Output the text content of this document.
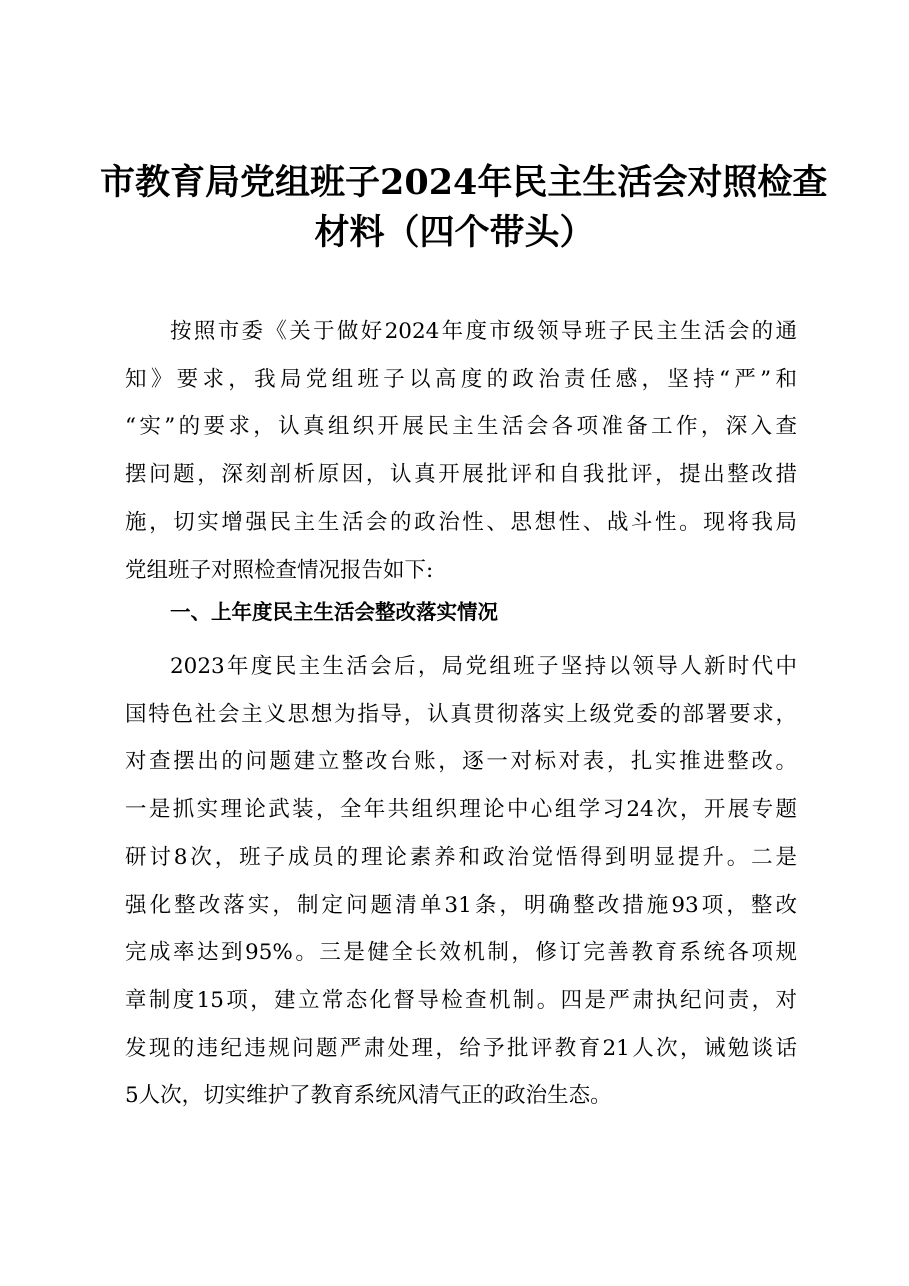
市教育局党组班子2024年民主生活会对照检查
材料（四个带头）
按照市委《关于做好2024年度市级领导班子民主生活会的通
知》要求，我局党组班子以高度的政治责任感，坚持“严”和
“实”的要求，认真组织开展民主生活会各项准备工作，深入查
摆问题，深刻剖析原因，认真开展批评和自我批评，提出整改措
施，切实增强民主生活会的政治性、思想性、战斗性。现将我局
党组班子对照检查情况报告如下:
一、上年度民主生活会整改落实情况
2023年度民主生活会后，局党组班子坚持以领导人新时代中
国特色社会主义思想为指导，认真贯彻落实上级党委的部署要求，
对查摆出的问题建立整改台账，逐一对标对表，扎实推进整改。
一是抓实理论武装，全年共组织理论中心组学习24次，开展专题
研讨8次，班子成员的理论素养和政治觉悟得到明显提升。二是
强化整改落实，制定问题清单31条，明确整改措施93项，整改
完成率达到95%。三是健全长效机制，修订完善教育系统各项规
章制度15项，建立常态化督导检查机制。四是严肃执纪问责，对
发现的违纪违规问题严肃处理，给予批评教育21人次，诫勉谈话
5人次，切实维护了教育系统风清气正的政治生态。
